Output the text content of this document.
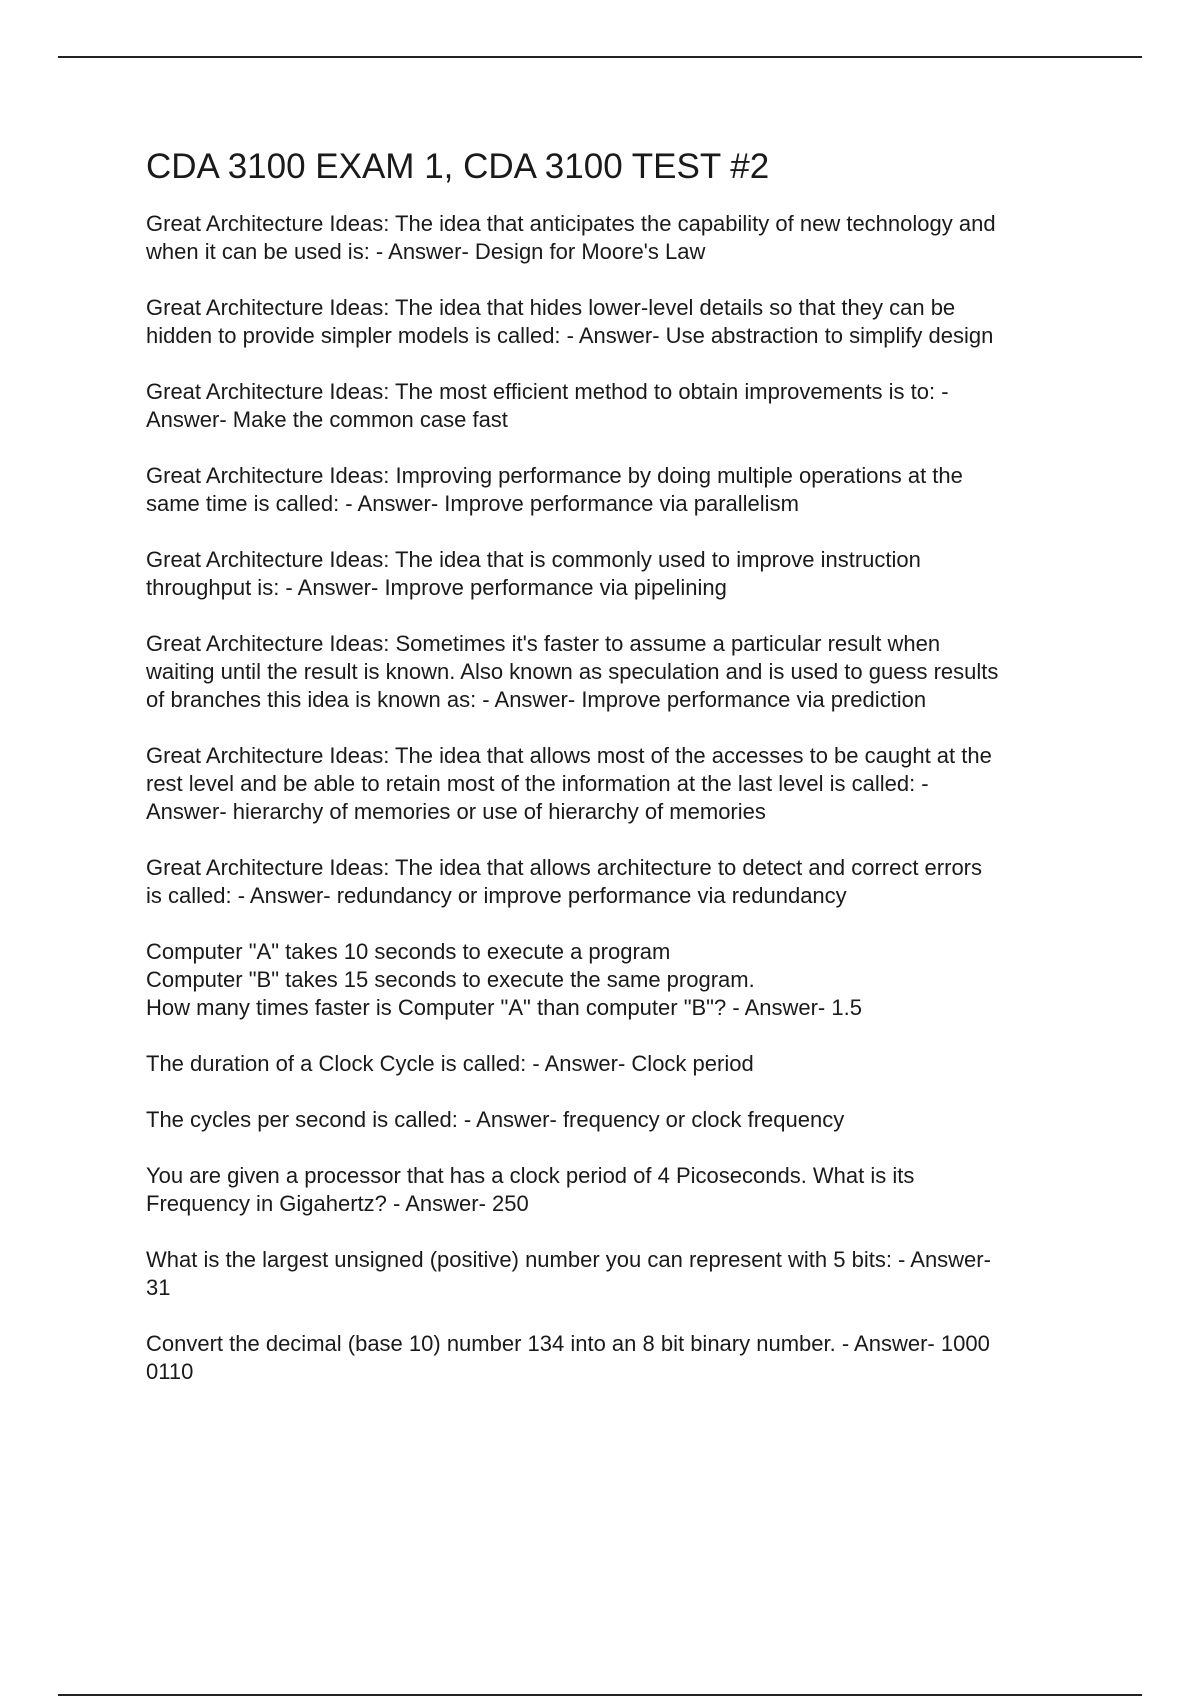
CDA 3100 EXAM 1, CDA 3100 TEST #2
Great Architecture Ideas: The idea that anticipates the capability of new technology and
when it can be used is: - Answer- Design for Moore's Law
Great Architecture Ideas: The idea that hides lower-level details so that they can be
hidden to provide simpler models is called: - Answer- Use abstraction to simplify design
Great Architecture Ideas: The most efficient method to obtain improvements is to: -
Answer- Make the common case fast
Great Architecture Ideas: Improving performance by doing multiple operations at the
same time is called: - Answer- Improve performance via parallelism
Great Architecture Ideas: The idea that is commonly used to improve instruction
throughput is: - Answer- Improve performance via pipelining
Great Architecture Ideas: Sometimes it's faster to assume a particular result when
waiting until the result is known. Also known as speculation and is used to guess results
of branches this idea is known as: - Answer- Improve performance via prediction
Great Architecture Ideas: The idea that allows most of the accesses to be caught at the
rest level and be able to retain most of the information at the last level is called: -
Answer- hierarchy of memories or use of hierarchy of memories
Great Architecture Ideas: The idea that allows architecture to detect and correct errors
is called: - Answer- redundancy or improve performance via redundancy
Computer "A" takes 10 seconds to execute a program
Computer "B" takes 15 seconds to execute the same program.
How many times faster is Computer "A" than computer "B"? - Answer- 1.5
The duration of a Clock Cycle is called: - Answer- Clock period
The cycles per second is called: - Answer- frequency or clock frequency
You are given a processor that has a clock period of 4 Picoseconds. What is its
Frequency in Gigahertz? - Answer- 250
What is the largest unsigned (positive) number you can represent with 5 bits: - Answer-
31
Convert the decimal (base 10) number 134 into an 8 bit binary number. - Answer- 1000
0110
